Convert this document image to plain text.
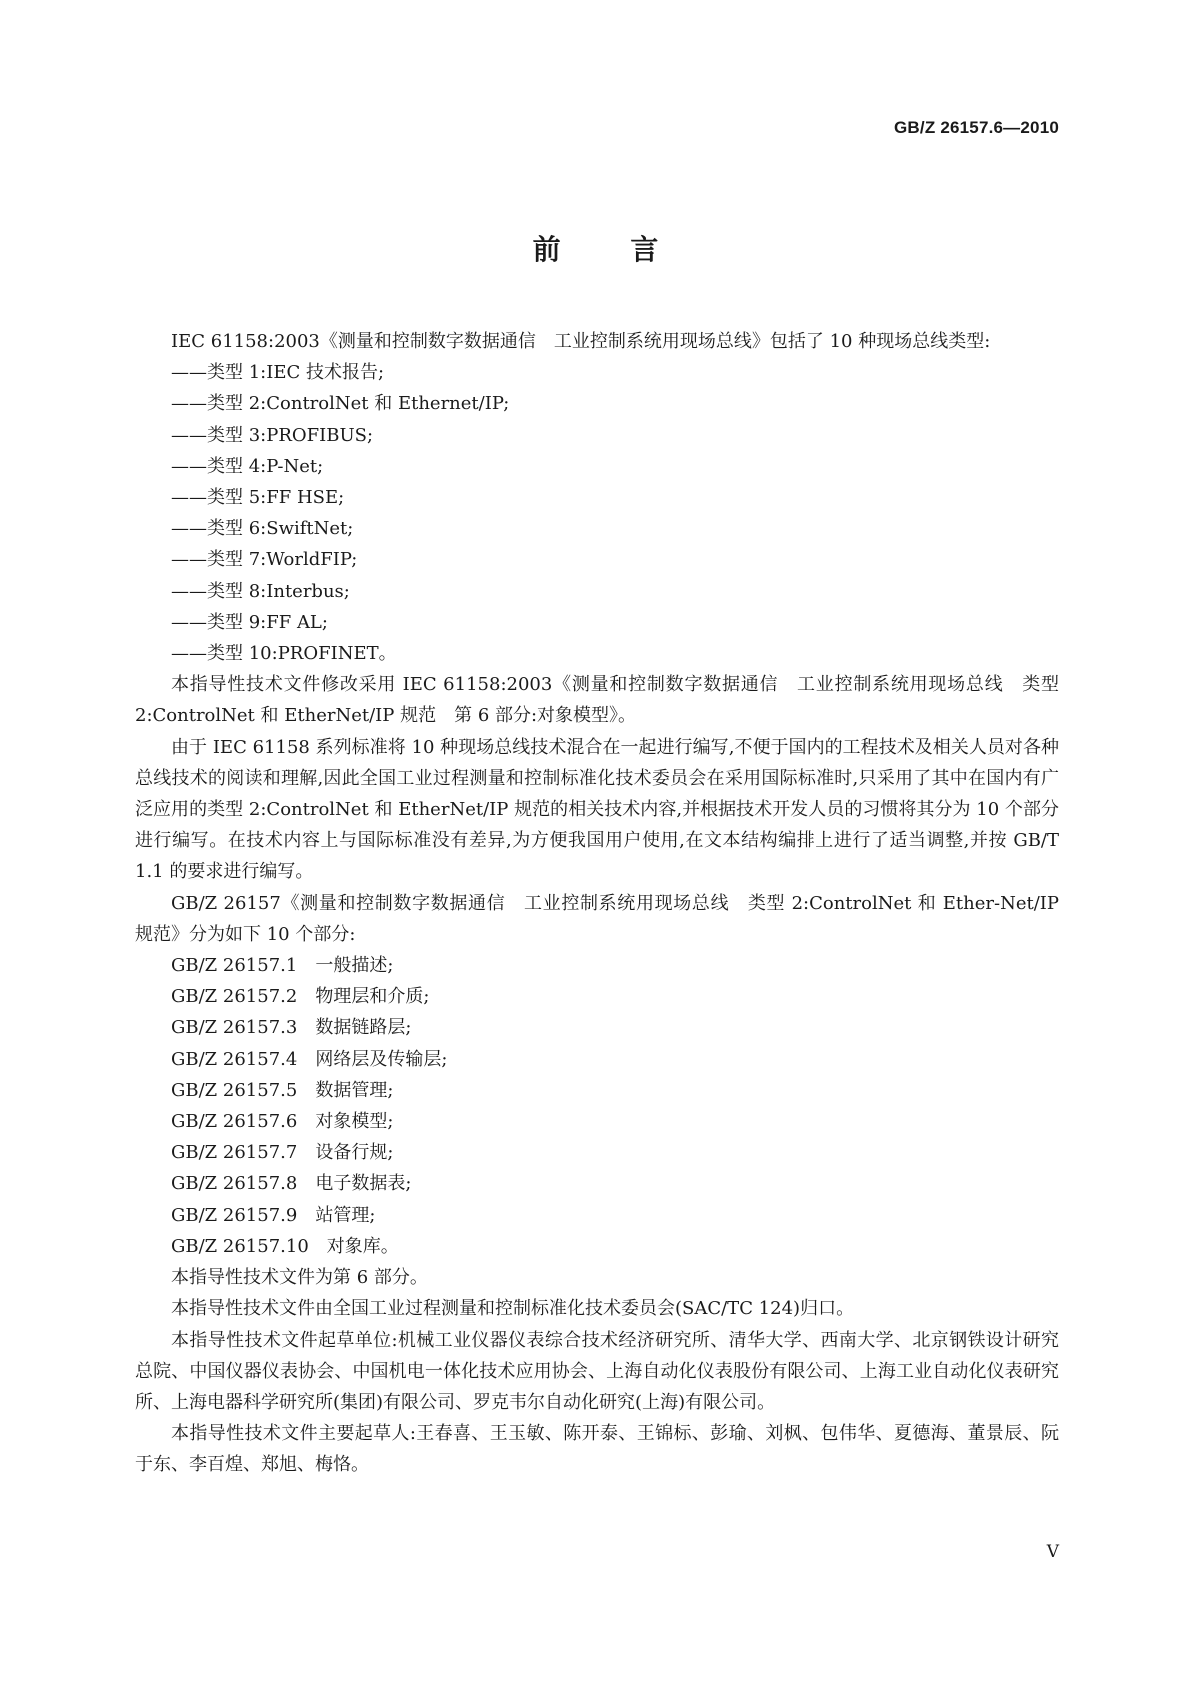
GB/Z 26157.6—2010
前 言

IEC 61158:2003《测量和控制数字数据通信　工业控制系统用现场总线》包括了 10 种现场总线类型:

——类型 1:IEC 技术报告;

——类型 2:ControlNet 和 Ethernet/IP;

——类型 3:PROFIBUS;

——类型 4:P-Net;

——类型 5:FF HSE;

——类型 6:SwiftNet;

——类型 7:WorldFIP;

——类型 8:Interbus;

——类型 9:FF AL;

——类型 10:PROFINET。

本指导性技术文件修改采用 IEC 61158:2003《测量和控制数字数据通信　工业控制系统用现场总线　类型 2:ControlNet 和 EtherNet/IP 规范　第 6 部分:对象模型》。

由于 IEC 61158 系列标准将 10 种现场总线技术混合在一起进行编写,不便于国内的工程技术及相关人员对各种总线技术的阅读和理解,因此全国工业过程测量和控制标准化技术委员会在采用国际标准时,只采用了其中在国内有广泛应用的类型 2:ControlNet 和 EtherNet/IP 规范的相关技术内容,并根据技术开发人员的习惯将其分为 10 个部分进行编写。在技术内容上与国际标准没有差异,为方便我国用户使用,在文本结构编排上进行了适当调整,并按 GB/T 1.1 的要求进行编写。

GB/Z 26157《测量和控制数字数据通信　工业控制系统用现场总线　类型 2:ControlNet 和 Ether-Net/IP 规范》分为如下 10 个部分:

GB/Z 26157.1　一般描述;

GB/Z 26157.2　物理层和介质;

GB/Z 26157.3　数据链路层;

GB/Z 26157.4　网络层及传输层;

GB/Z 26157.5　数据管理;

GB/Z 26157.6　对象模型;

GB/Z 26157.7　设备行规;

GB/Z 26157.8　电子数据表;

GB/Z 26157.9　站管理;

GB/Z 26157.10　对象库。

本指导性技术文件为第 6 部分。

本指导性技术文件由全国工业过程测量和控制标准化技术委员会(SAC/TC 124)归口。

本指导性技术文件起草单位:机械工业仪器仪表综合技术经济研究所、清华大学、西南大学、北京钢铁设计研究总院、中国仪器仪表协会、中国机电一体化技术应用协会、上海自动化仪表股份有限公司、上海工业自动化仪表研究所、上海电器科学研究所(集团)有限公司、罗克韦尔自动化研究(上海)有限公司。

本指导性技术文件主要起草人:王春喜、王玉敏、陈开泰、王锦标、彭瑜、刘枫、包伟华、夏德海、董景辰、阮于东、李百煌、郑旭、梅恪。

V
